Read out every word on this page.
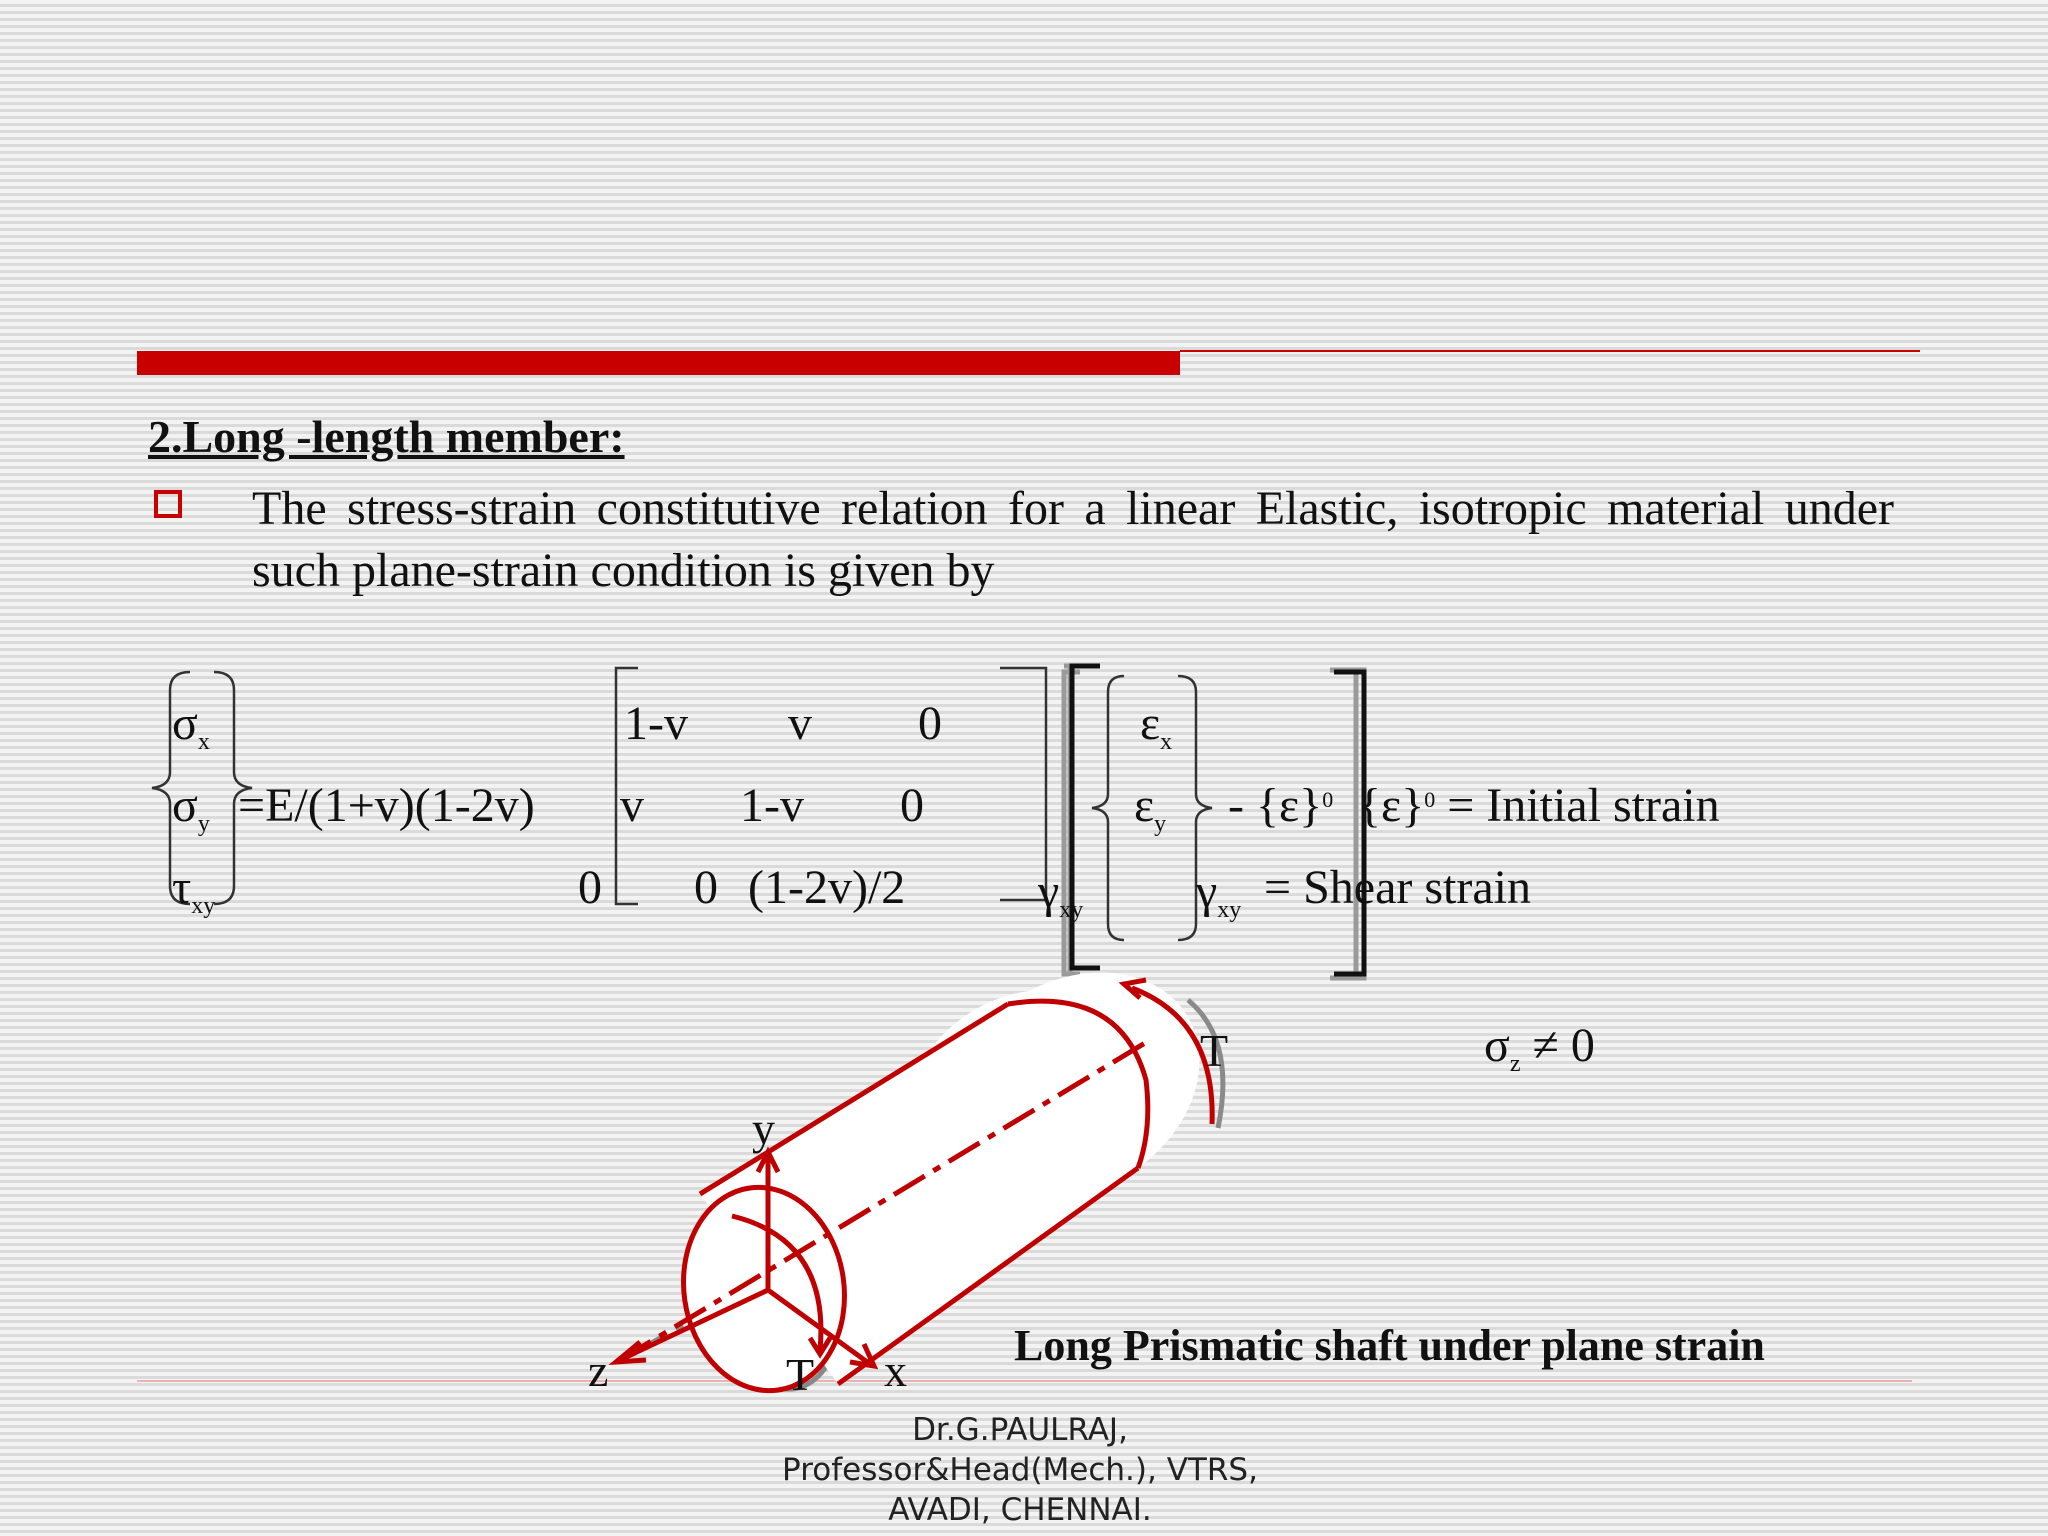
2.Long -length member:
The stress-strain constitutive relation for a linear Elastic, isotropic material under such plane-strain condition is given by
$\sigma_x$
$\sigma_y$
$\tau_{xy}$
=E/(1+v)(1-2v)
1-v v 0
v 1-v 0
0 0 (1-2v)/2	$\gamma_{xy}$
$\varepsilon_x$
$\varepsilon_y$
$\gamma_{xy}$
- $\{\varepsilon\}^0$ $\{\varepsilon\}^0$ = Initial strain
= Shear strain
$\sigma_z \ne 0$
y
z	x
T
T
Long Prismatic shaft under plane strain
Dr.G.PAULRAJ,
Professor&Head(Mech.), VTRS,
AVADI, CHENNAI.
